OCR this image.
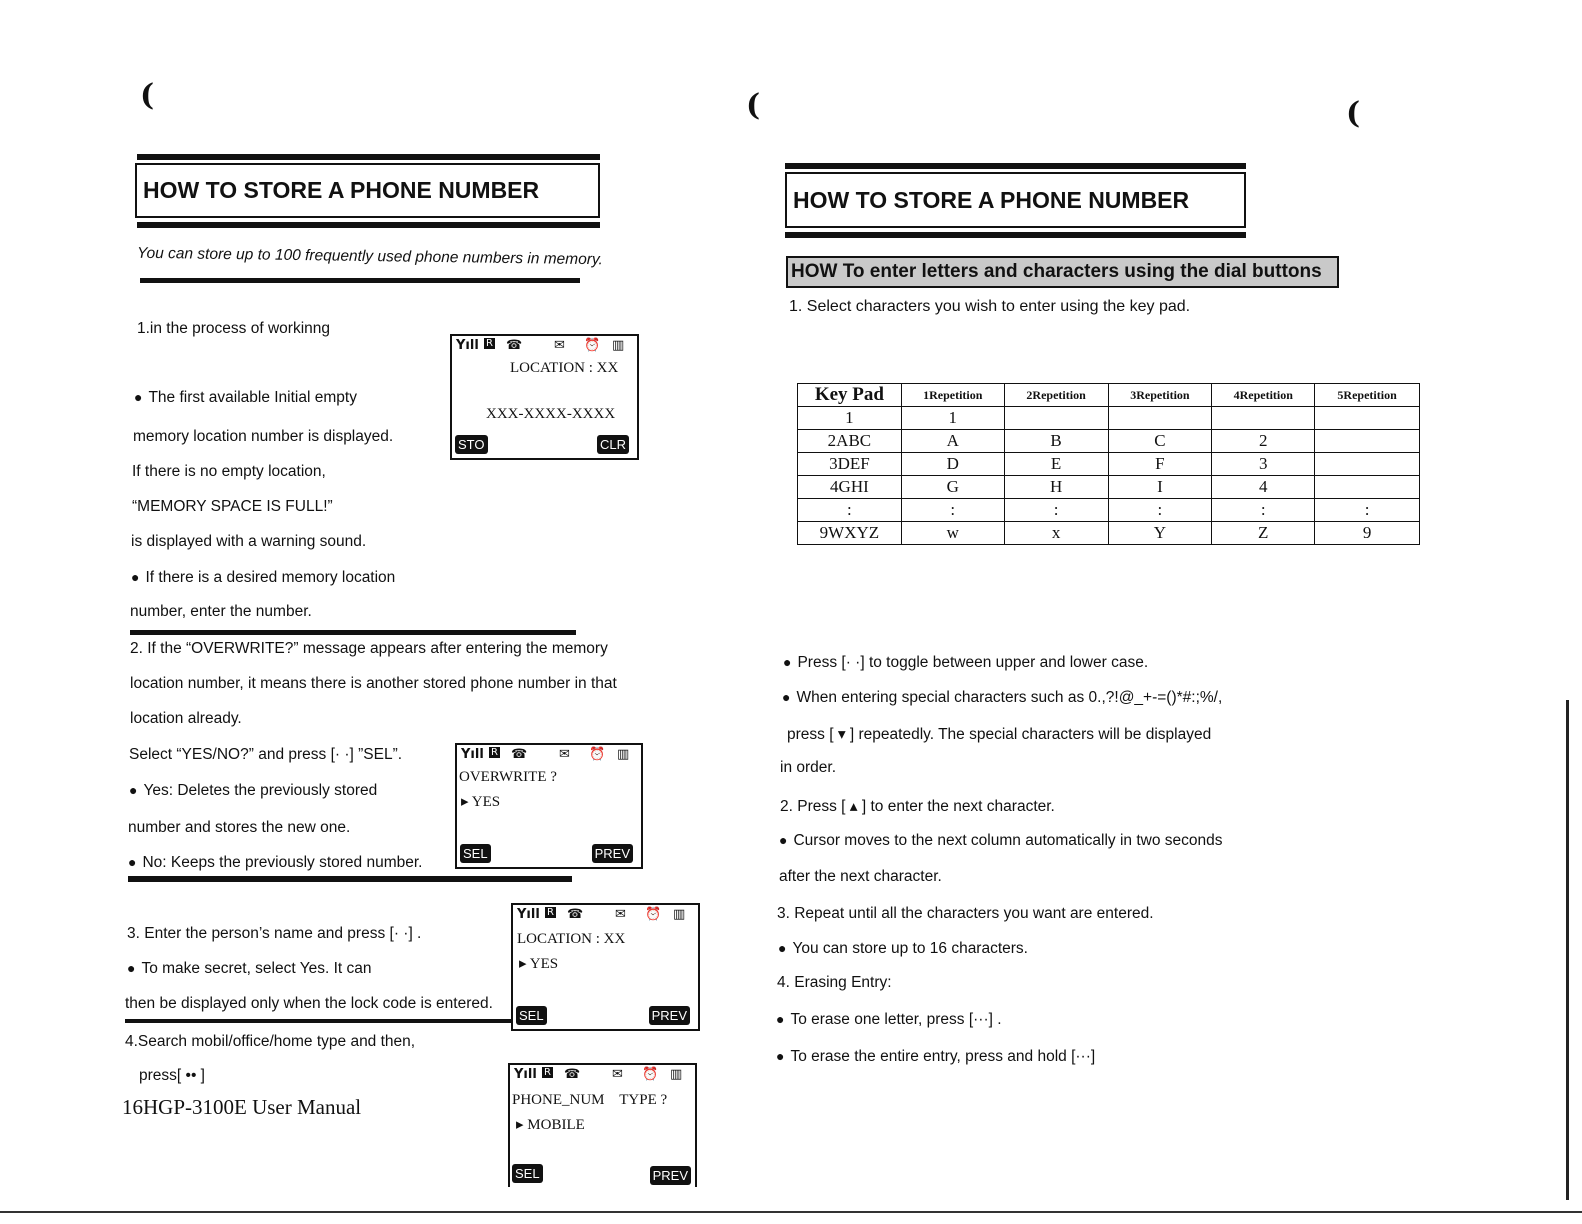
(	(	(
HOW TO STORE A PHONE NUMBER
You can store up to 100 frequently used phone numbers in memory.
1.in the process of workinng
● The first available Initial empty
memory location number is displayed.
If there is no empty location,
“MEMORY SPACE IS FULL!”
is displayed with a warning sound.
● If there is a desired memory location
number, enter the number.
2. If the “OVERWRITE?” message appears after entering the memory
location number, it means there is another stored phone number in that
location already.
Select “YES/NO?” and press [· ·] ”SEL”.
● Yes: Deletes the previously stored
number and stores the new one.
● No: Keeps the previously stored number.
3. Enter the person’s name and press [· ·] .
● To make secret, select Yes. It can
then be displayed only when the lock code is entered.
4.Search mobil/office/home type and then,
press[ •• ]
16HGP-3100E User Manual
Yıll R ☎ ✉ ⏰ ▥
LOCATION : XX
XXX-XXXX-XXXX
STO	CLR
Yıll R ☎ ✉ ⏰ ▥
OVERWRITE ?
▸ YES
SEL	PREV
Yıll R ☎ ✉ ⏰ ▥
LOCATION : XX
▸ YES
SEL	PREV
Yıll R ☎ ✉ ⏰ ▥
PHONE_NUM    TYPE ?
▸ MOBILE
SEL	PREV
HOW TO STORE A PHONE NUMBER
HOW To enter letters and characters using the dial buttons
1. Select characters you wish to enter using the key pad.
Key Pad	1Repetition	2Repetition	3Repetition	4Repetition	5Repetition
1	1				
2ABC	A	B	C	2	
3DEF	D	E	F	3	
4GHI	G	H	I	4	
:	:	:	:	:	:
9WXYZ	w	x	Y	Z	9
● Press [· ·] to toggle between upper and lower case.
● When entering special characters such as 0.,?!@_+-=()*#:;%/,
press [ ▾ ] repeatedly. The special characters will be displayed
in order.
2. Press [ ▴ ] to enter the next character.
● Cursor moves to the next column automatically in two seconds
after the next character.
3. Repeat until all the characters you want are entered.
● You can store up to 16 characters.
4. Erasing Entry:
● To erase one letter, press [···] .
● To erase the entire entry, press and hold [···]
